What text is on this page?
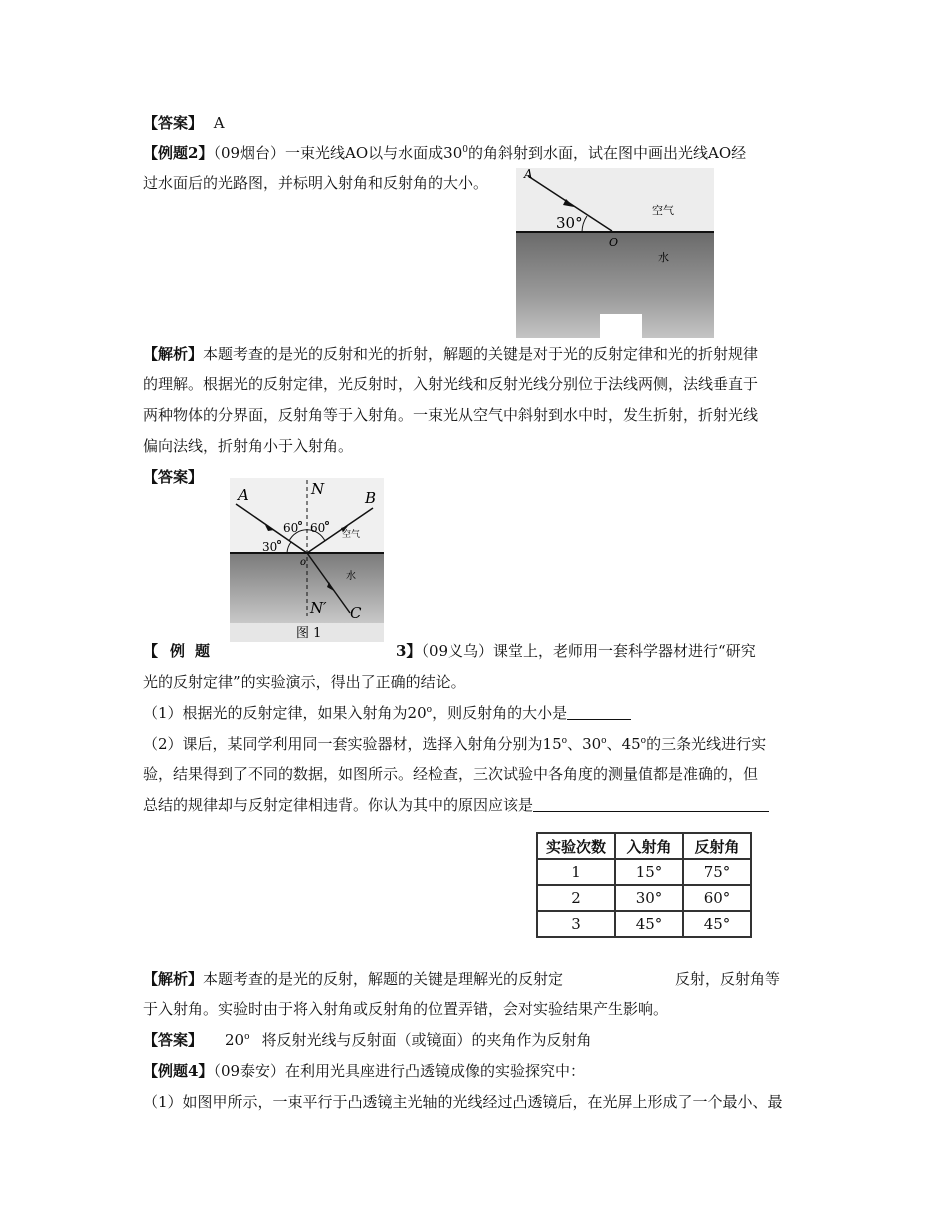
【答案】 A
【例题2】（09烟台）一束光线AO以与水面成$30^0$的角斜射到水面，试在图中画出光线AO经
过水面后的光路图，并标明入射角和反射角的大小。	A
30°
O
空气
水
【解析】本题考查的是光的反射和光的折射，解题的关键是对于光的反射定律和光的折射规律
的理解。根据光的反射定律，光反射时，入射光线和反射光线分别位于法线两侧，法线垂直于
两种物体的分界面，反射角等于入射角。一束光从空气中斜射到水中时，发生折射，折射光线
偏向法线，折射角小于入射角。
【答案】
A	N	B
60 60
30
空气
o
水
N′ C
图 1
【 例 题	3】（09义乌）课堂上，老师用一套科学器材进行“研究
光的反射定律”的实验演示，得出了正确的结论。
（1）根据光的反射定律，如果入射角为20$^o$，则反射角的大小是
（2）课后，某同学利用同一套实验器材，选择入射角分别为15$^o$、30$^o$、45$^o$的三条光线进行实
验，结果得到了不同的数据，如图所示。经检查，三次试验中各角度的测量值都是准确的，但
总结的规律却与反射定律相违背。你认为其中的原因应该是
实验次数	入射角	反射角
1	15°	75°
2	30°	60°
3	45°	45°
【解析】本题考查的是光的反射，解题的关键是理解光的反射定	反射，反射角等
于入射角。实验时由于将入射角或反射角的位置弄错，会对实验结果产生影响。
【答案】 20$^o$ 将反射光线与反射面（或镜面）的夹角作为反射角
【例题4】（09泰安）在利用光具座进行凸透镜成像的实验探究中：
（1）如图甲所示，一束平行于凸透镜主光轴的光线经过凸透镜后，在光屏上形成了一个最小、最
